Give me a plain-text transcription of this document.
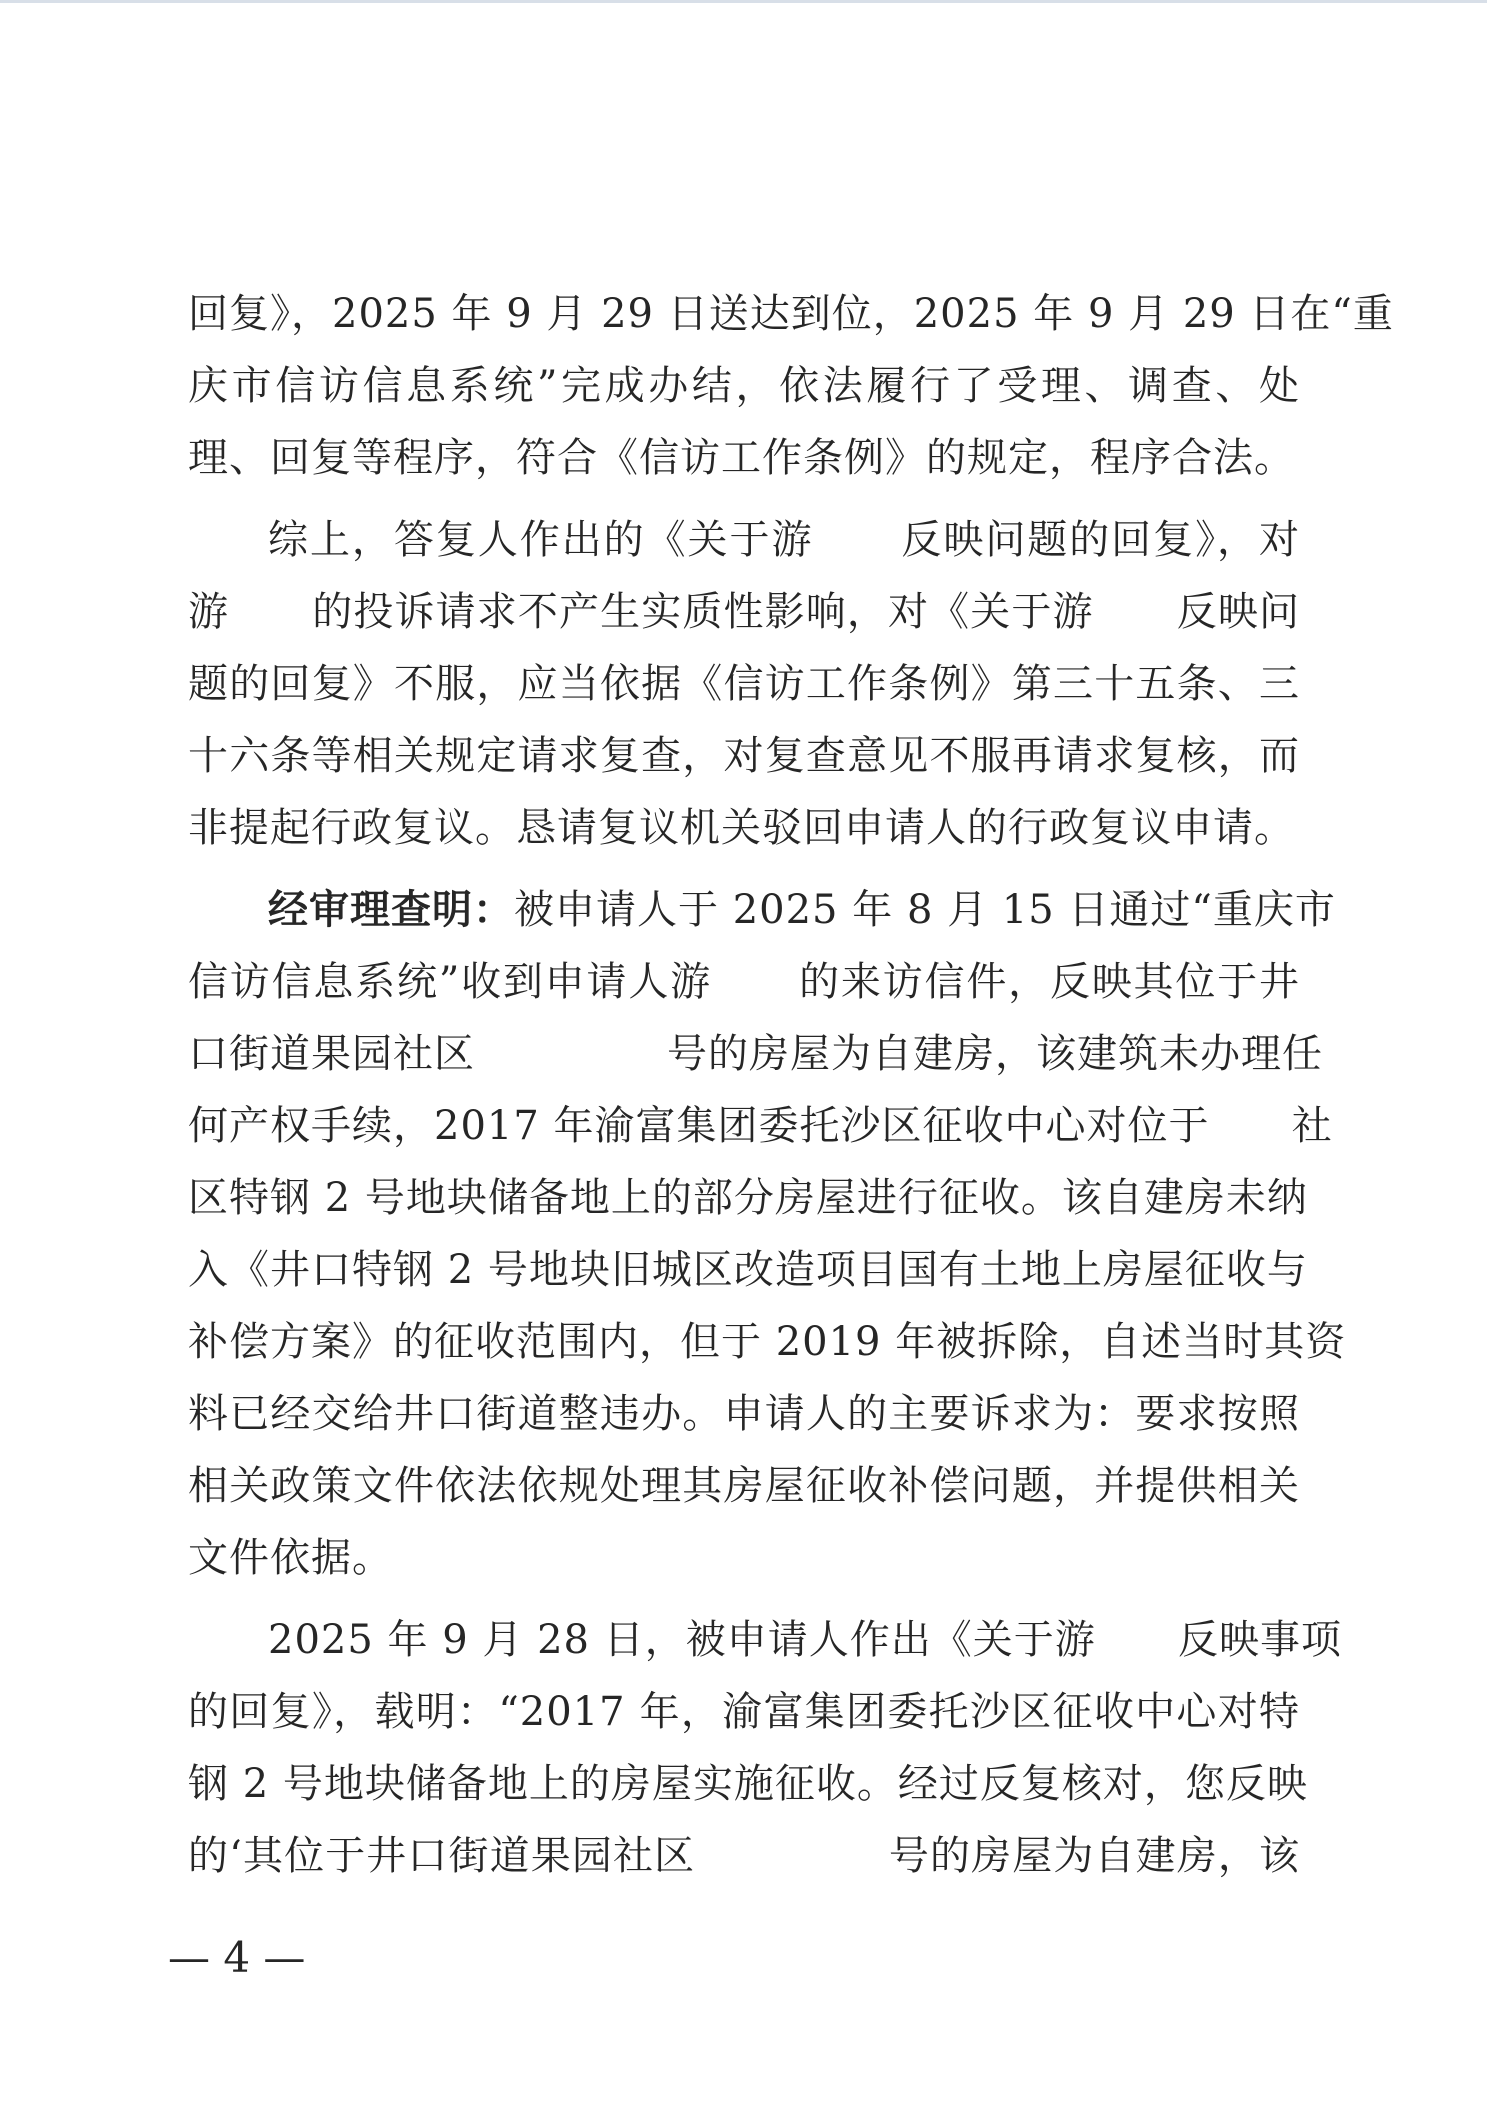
回复》，2025 年 9 月 29 日送达到位，2025 年 9 月 29 日在“重
庆市信访信息系统”完成办结，依法履行了受理、调查、处
理、回复等程序，符合《信访工作条例》的规定，程序合法。
综上，答复人作出的《关于游      反映问题的回复》，对
游      的投诉请求不产生实质性影响，对《关于游      反映问
题的回复》不服，应当依据《信访工作条例》第三十五条、三
十六条等相关规定请求复查，对复查意见不服再请求复核，而
非提起行政复议。恳请复议机关驳回申请人的行政复议申请。
经审理查明：被申请人于 2025 年 8 月 15 日通过“重庆市
信访信息系统”收到申请人游      的来访信件，反映其位于井
口街道果园社区              号的房屋为自建房，该建筑未办理任
何产权手续，2017 年渝富集团委托沙区征收中心对位于      社
区特钢 2 号地块储备地上的部分房屋进行征收。该自建房未纳
入《井口特钢 2 号地块旧城区改造项目国有土地上房屋征收与
补偿方案》的征收范围内，但于 2019 年被拆除，自述当时其资
料已经交给井口街道整违办。申请人的主要诉求为：要求按照
相关政策文件依法依规处理其房屋征收补偿问题，并提供相关
文件依据。
2025 年 9 月 28 日，被申请人作出《关于游      反映事项
的回复》，载明：“2017 年，渝富集团委托沙区征收中心对特
钢 2 号地块储备地上的房屋实施征收。经过反复核对，您反映
的‘其位于井口街道果园社区              号的房屋为自建房，该
— 4 —
